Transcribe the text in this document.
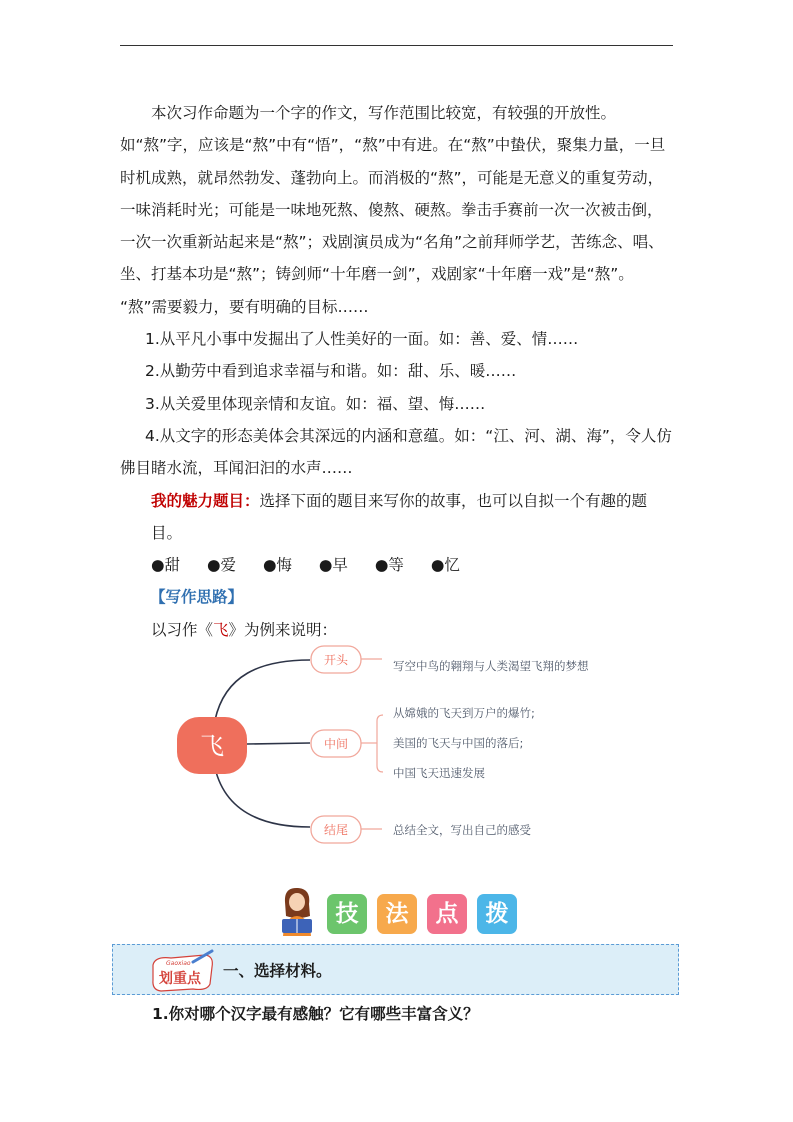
本次习作命题为一个字的作文，写作范围比较宽，有较强的开放性。如“熬”字，应该是“熬”中有“悟”，“熬”中有进。在“熬”中蛰伏，聚集力量，一旦时机成熟，就昂然勃发、蓬勃向上。而消极的“熬”，可能是无意义的重复劳动，一味消耗时光；可能是一味地死熬、傻熬、硬熬。拳击手赛前一次一次被击倒，一次一次重新站起来是“熬”；戏剧演员成为“名角”之前拜师学艺，苦练念、唱、坐、打基本功是“熬”；铸剑师“十年磨一剑”，戏剧家“十年磨一戏”是“熬”。 “熬”需要毅力，要有明确的目标……

1.从平凡小事中发掘出了人性美好的一面。如：善、爱、情……

2.从勤劳中看到追求幸福与和谐。如：甜、乐、暖……

3.从关爱里体现亲情和友谊。如：福、望、悔……

4.从文字的形态美体会其深远的内涵和意蕴。如：“江、河、湖、海”，令人仿佛目睹水流，耳闻汩汩的水声……

我的魅力题目：选择下面的题目来写你的故事，也可以自拟一个有趣的题目。

●甜 ●爱 ●悔 ●早 ●等 ●忆

【写作思路】

以习作《飞》为例来说明：

飞
开头	写空中鸟的翱翔与人类渴望飞翔的梦想
中间
从嫦娥的飞天到万户的爆竹;
美国的飞天与中国的落后;
中国飞天迅速发展
结尾	总结全文，写出自己的感受
技	法	点	拨
Gaoxiao
划重点 一、选择材料。
1.你对哪个汉字最有感触？它有哪些丰富含义？
